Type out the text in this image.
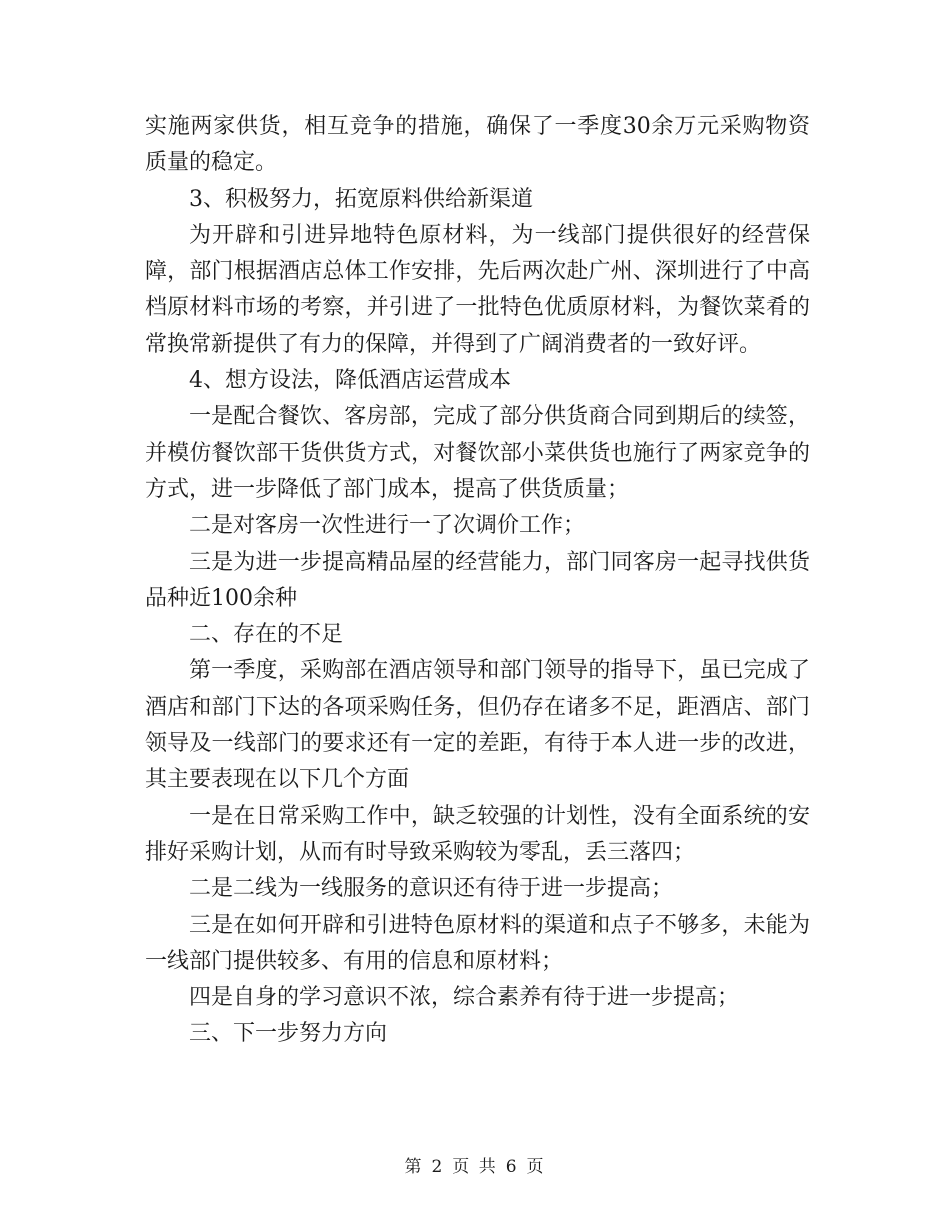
实施两家供货，相互竞争的措施，确保了一季度30余万元采购物资质量的稳定。

3、积极努力，拓宽原料供给新渠道

为开辟和引进异地特色原材料，为一线部门提供很好的经营保障，部门根据酒店总体工作安排，先后两次赴广州、深圳进行了中高档原材料市场的考察，并引进了一批特色优质原材料，为餐饮菜肴的常换常新提供了有力的保障，并得到了广阔消费者的一致好评。

4、想方设法，降低酒店运营成本

一是配合餐饮、客房部，完成了部分供货商合同到期后的续签，并模仿餐饮部干货供货方式，对餐饮部小菜供货也施行了两家竞争的方式，进一步降低了部门成本，提高了供货质量；

二是对客房一次性进行一了次调价工作；

三是为进一步提高精品屋的经营能力，部门同客房一起寻找供货品种近100余种

二、存在的不足

第一季度，采购部在酒店领导和部门领导的指导下，虽已完成了酒店和部门下达的各项采购任务，但仍存在诸多不足，距酒店、部门领导及一线部门的要求还有一定的差距，有待于本人进一步的改进，其主要表现在以下几个方面

一是在日常采购工作中，缺乏较强的计划性，没有全面系统的安排好采购计划，从而有时导致采购较为零乱，丢三落四；

二是二线为一线服务的意识还有待于进一步提高；

三是在如何开辟和引进特色原材料的渠道和点子不够多，未能为一线部门提供较多、有用的信息和原材料；

四是自身的学习意识不浓，综合素养有待于进一步提高；

三、下一步努力方向

第 2 页 共 6 页
